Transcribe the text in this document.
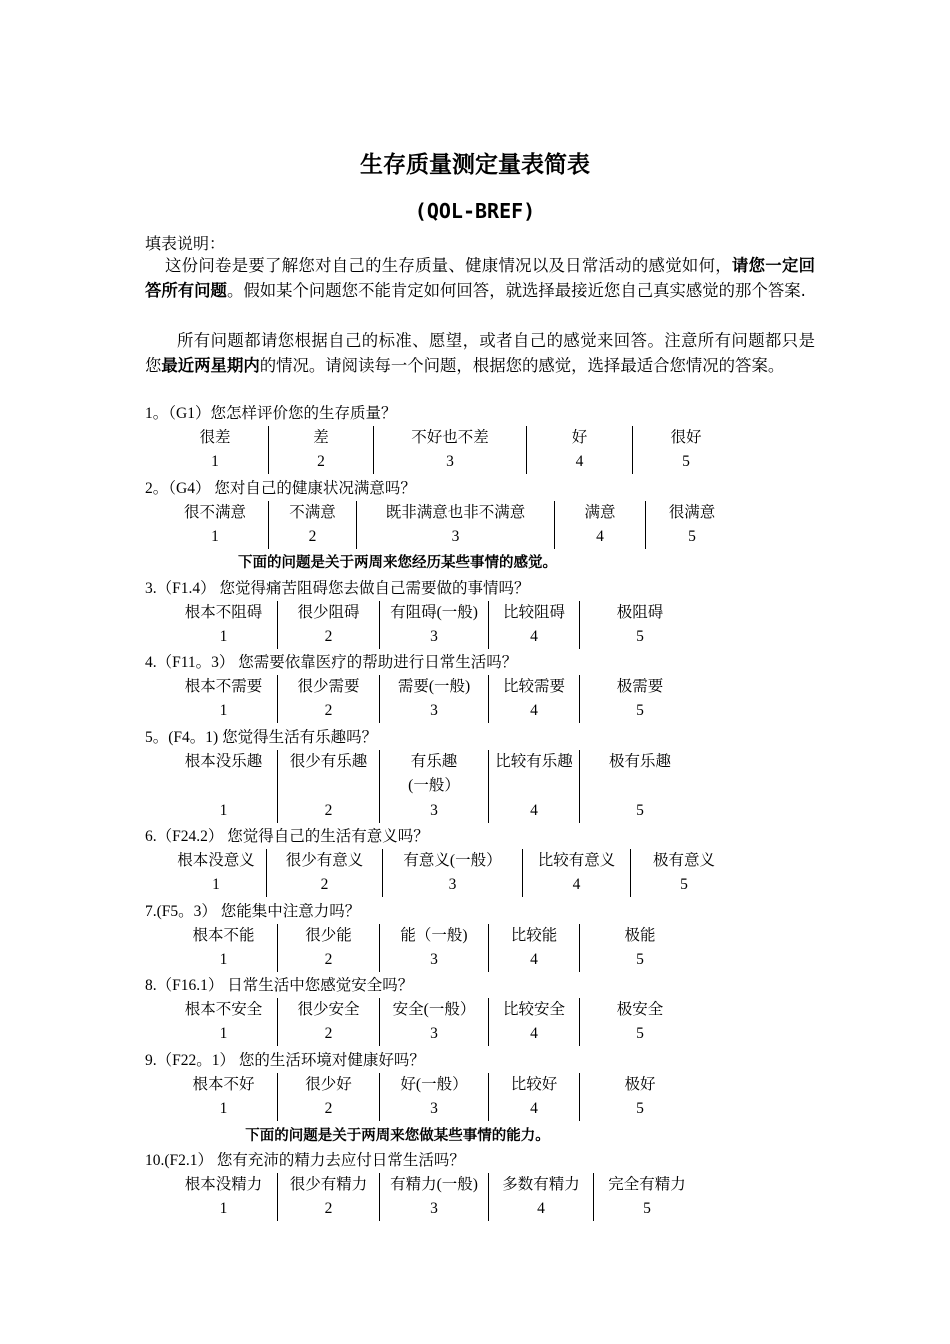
生存质量测定量表简表
(QOL-BREF)
填表说明：
这份问卷是要了解您对自己的生存质量、健康情况以及日常活动的感觉如何，请您一定回答所有问题。假如某个问题您不能肯定如何回答，就选择最接近您自己真实感觉的那个答案.
所有问题都请您根据自己的标准、愿望，或者自己的感觉来回答。注意所有问题都只是您最近两星期内的情况。请阅读每一个问题，根据您的感觉，选择最适合您情况的答案。
1。（G1）您怎样评价您的生存质量？
很差
1
差
2
不好也不差
3
好
4
很好
5
2。（G4） 您对自己的健康状况满意吗？
很不满意
1
不满意
2
既非满意也非不满意
3
满意
4
很满意
5
下面的问题是关于两周来您经历某些事情的感觉。
3.（F1.4） 您觉得痛苦阻碍您去做自己需要做的事情吗？
根本不阻碍
1
很少阻碍
2
有阻碍(一般)
3
比较阻碍
4
极阻碍
5
4.（F11。3） 您需要依靠医疗的帮助进行日常生活吗？
根本不需要
1
很少需要
2
需要(一般)
3
比较需要
4
极需要
5
5。(F4。1) 您觉得生活有乐趣吗？
根本没乐趣
1
很少有乐趣
2
有乐趣(一般）
3
比较有乐趣
4
极有乐趣
5
6.（F24.2） 您觉得自己的生活有意义吗？
根本没意义
1
很少有意义
2
有意义(一般）
3
比较有意义
4
极有意义
5
7.(F5。3） 您能集中注意力吗？
根本不能
1
很少能
2
能（一般)
3
比较能
4
极能
5
8.（F16.1） 日常生活中您感觉安全吗？
根本不安全
1
很少安全
2
安全(一般）
3
比较安全
4
极安全
5
9.（F22。1） 您的生活环境对健康好吗？
根本不好
1
很少好
2
好(一般）
3
比较好
4
极好
5
下面的问题是关于两周来您做某些事情的能力。
10.(F2.1） 您有充沛的精力去应付日常生活吗？
根本没精力
1
很少有精力
2
有精力(一般)
3
多数有精力
4
完全有精力
5
